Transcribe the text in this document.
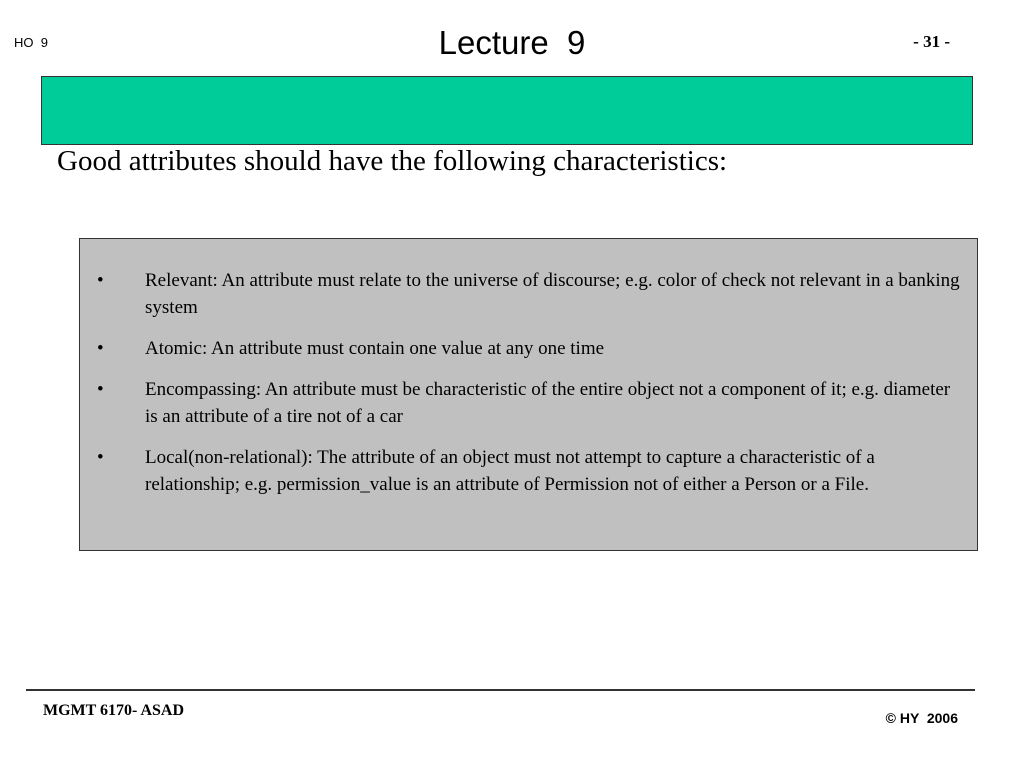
HO  9	Lecture  9	- 31 -
Good attributes should have the following characteristics:
• Relevant: An attribute must relate to the universe of discourse; e.g. color of check not relevant in a banking system
• Atomic: An attribute must contain one value at any one time
• Encompassing: An attribute must be characteristic of the entire object not a component of it; e.g. diameter is an attribute of a tire not of a car
• Local(non-relational): The attribute of an object must not attempt to capture a characteristic of a relationship; e.g. permission_value is an attribute of Permission not of either a Person or a File.
MGMT 6170- ASAD	© HY  2006
